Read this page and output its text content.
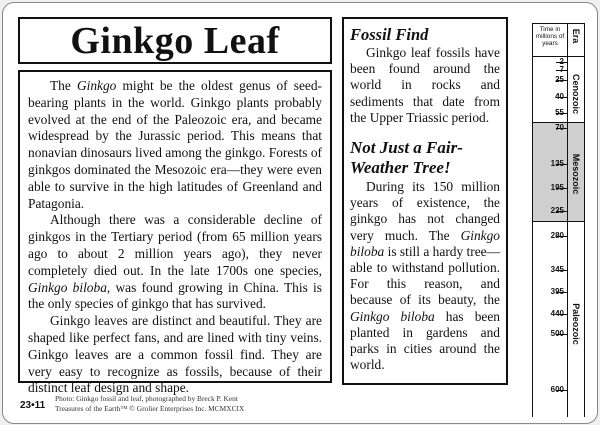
Ginkgo Leaf

The Ginkgo might be the oldest genus of seed-bearing plants in the world. Ginkgo plants probably evolved at the end of the Paleozoic era, and became widespread by the Jurassic period. This means that nonavian dinosaurs lived among the ginkgo. Forests of ginkgos dominated the Mesozoic era—they were even able to survive in the high latitudes of Greenland and Patagonia.

Although there was a considerable decline of ginkgos in the Tertiary period (from 65 million years ago to about 2 million years ago), they never completely died out. In the late 1700s one species, Ginkgo biloba, was found growing in China. This is the only species of ginkgo that has survived.

Ginkgo leaves are distinct and beautiful. They are shaped like perfect fans, and are lined with tiny veins. Ginkgo leaves are a common fossil find. They are very easy to recognize as fossils, because of their distinct leaf design and shape.

Fossil Find

Ginkgo leaf fossils have been found around the world in rocks and sediments that date from the Upper Triassic period.

Not Just a Fair-Weather Tree!

During its 150 million years of existence, the ginkgo has not changed very much. The Ginkgo biloba is still a hardy tree—able to withstand pollution. For this reason, and because of its beauty, the Ginkgo biloba has been planted in gardens and parks in cities around the world.

23•11
Photo: Ginkgo fossil and leaf, photographed by Breck P. Kent
Treasures of the Earth™ © Grolier Enterprises Inc. MCMXCIX
Time in millions of years
Era
2
7
25
40
55
70
135
195
225
280
345
395
440
500
600
Cenozoic
Mesozoic
Paleozoic
